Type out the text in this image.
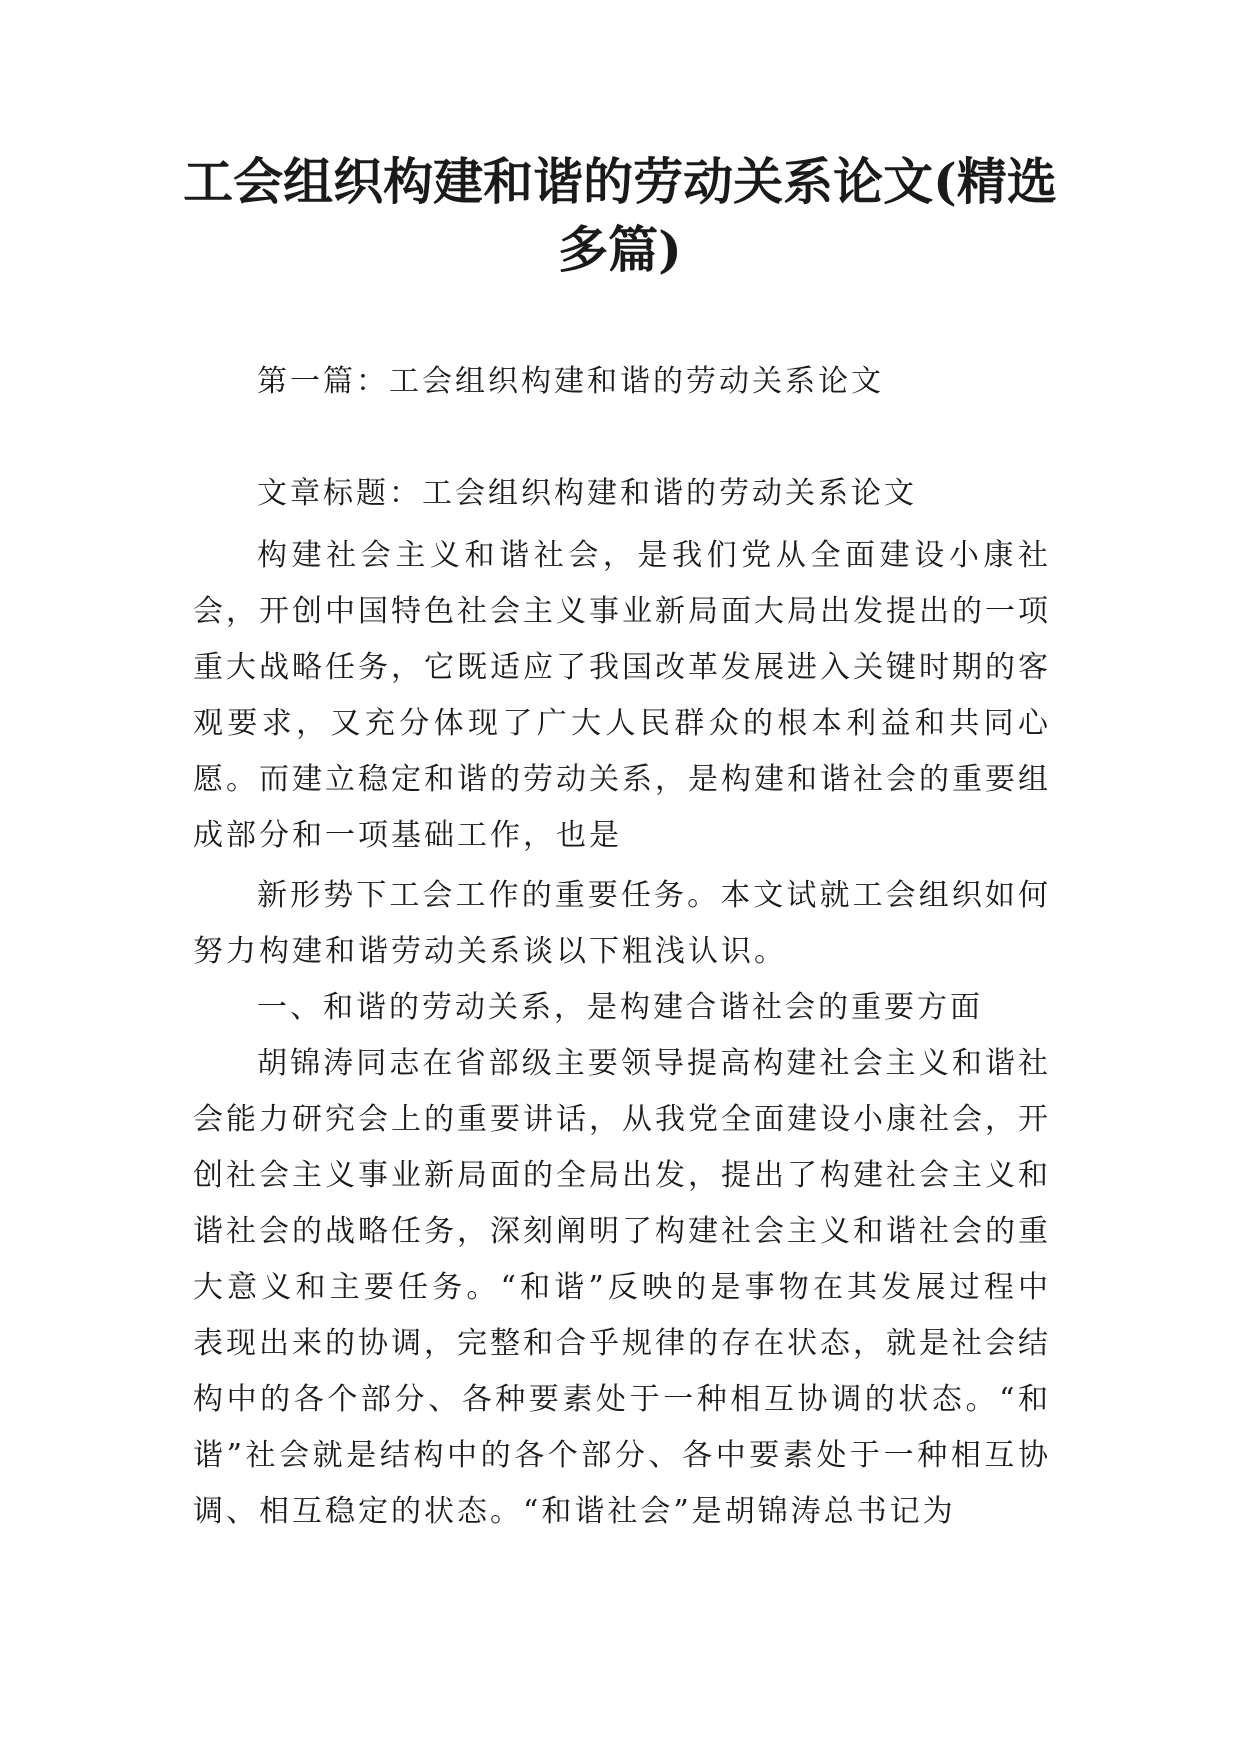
工会组织构建和谐的劳动关系论文(精选多篇)

第一篇：工会组织构建和谐的劳动关系论文

文章标题：工会组织构建和谐的劳动关系论文

构建社会主义和谐社会，是我们党从全面建设小康社会，开创中国特色社会主义事业新局面大局出发提出的一项重大战略任务，它既适应了我国改革发展进入关键时期的客观要求，又充分体现了广大人民群众的根本利益和共同心愿。而建立稳定和谐的劳动关系，是构建和谐社会的重要组成部分和一项基础工作，也是

新形势下工会工作的重要任务。本文试就工会组织如何努力构建和谐劳动关系谈以下粗浅认识。

一、和谐的劳动关系，是构建合谐社会的重要方面

胡锦涛同志在省部级主要领导提高构建社会主义和谐社会能力研究会上的重要讲话，从我党全面建设小康社会，开创社会主义事业新局面的全局出发，提出了构建社会主义和谐社会的战略任务，深刻阐明了构建社会主义和谐社会的重大意义和主要任务。“和谐”反映的是事物在其发展过程中表现出来的协调，完整和合乎规律的存在状态，就是社会结构中的各个部分、各种要素处于一种相互协调的状态。“和谐”社会就是结构中的各个部分、各中要素处于一种相互协调、相互稳定的状态。“和谐社会”是胡锦涛总书记为
